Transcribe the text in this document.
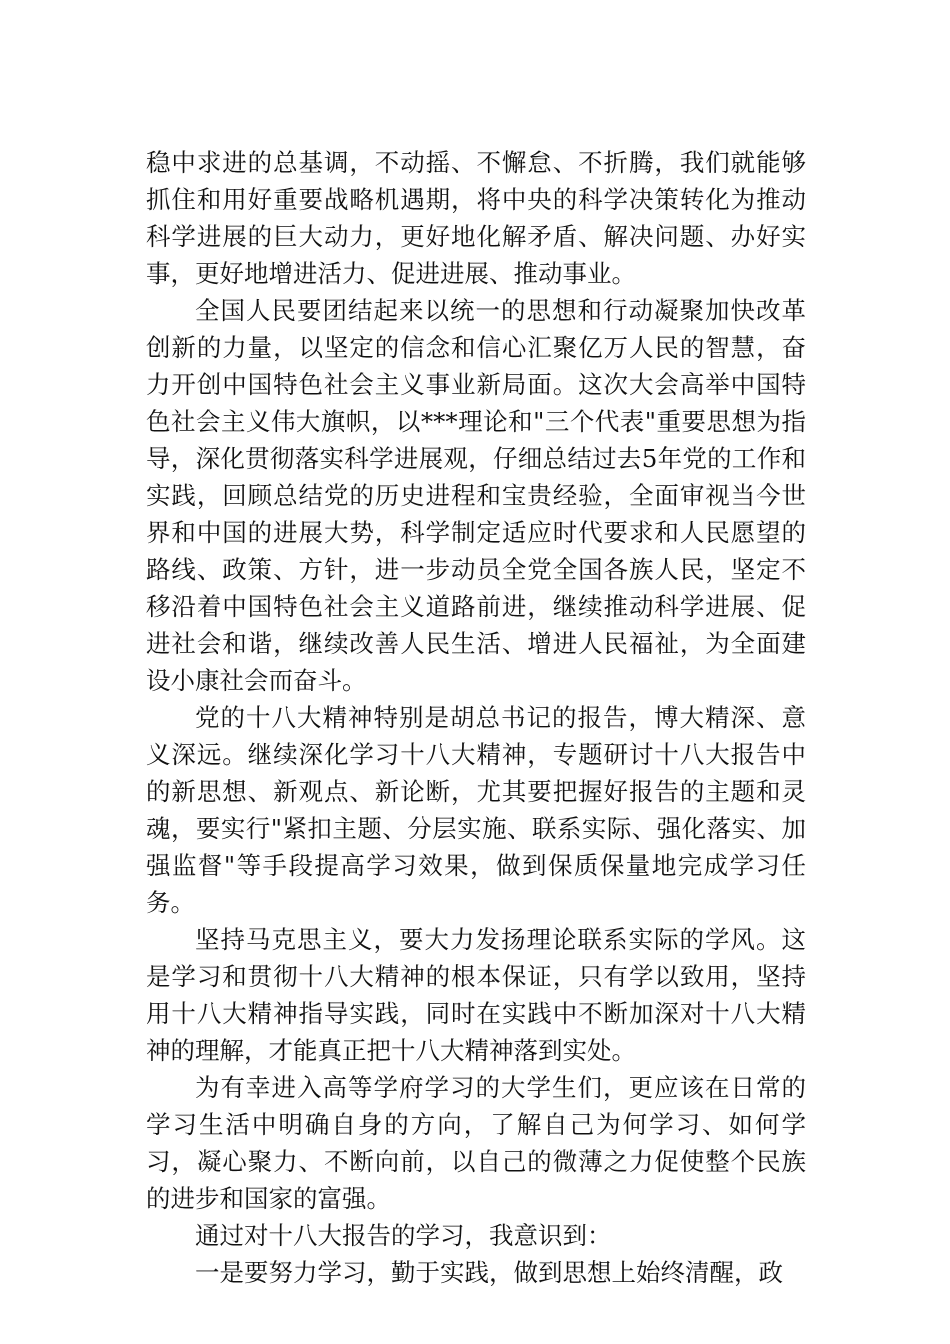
稳中求进的总基调，不动摇、不懈怠、不折腾，我们就能够抓住和用好重要战略机遇期，将中央的科学决策转化为推动科学进展的巨大动力，更好地化解矛盾、解决问题、办好实事，更好地增进活力、促进进展、推动事业。

全国人民要团结起来以统一的思想和行动凝聚加快改革创新的力量，以坚定的信念和信心汇聚亿万人民的智慧，奋力开创中国特色社会主义事业新局面。这次大会高举中国特色社会主义伟大旗帜，以***理论和"三个代表"重要思想为指导，深化贯彻落实科学进展观，仔细总结过去5年党的工作和实践，回顾总结党的历史进程和宝贵经验，全面审视当今世界和中国的进展大势，科学制定适应时代要求和人民愿望的路线、政策、方针，进一步动员全党全国各族人民，坚定不移沿着中国特色社会主义道路前进，继续推动科学进展、促进社会和谐，继续改善人民生活、增进人民福祉，为全面建设小康社会而奋斗。

党的十八大精神特别是胡总书记的报告，博大精深、意义深远。继续深化学习十八大精神，专题研讨十八大报告中的新思想、新观点、新论断，尤其要把握好报告的主题和灵魂，要实行"紧扣主题、分层实施、联系实际、强化落实、加强监督"等手段提高学习效果，做到保质保量地完成学习任务。

坚持马克思主义，要大力发扬理论联系实际的学风。这是学习和贯彻十八大精神的根本保证，只有学以致用，坚持用十八大精神指导实践，同时在实践中不断加深对十八大精神的理解，才能真正把十八大精神落到实处。

为有幸进入高等学府学习的大学生们，更应该在日常的学习生活中明确自身的方向，了解自己为何学习、如何学习，凝心聚力、不断向前，以自己的微薄之力促使整个民族的进步和国家的富强。

通过对十八大报告的学习，我意识到：

一是要努力学习，勤于实践，做到思想上始终清醒，政
